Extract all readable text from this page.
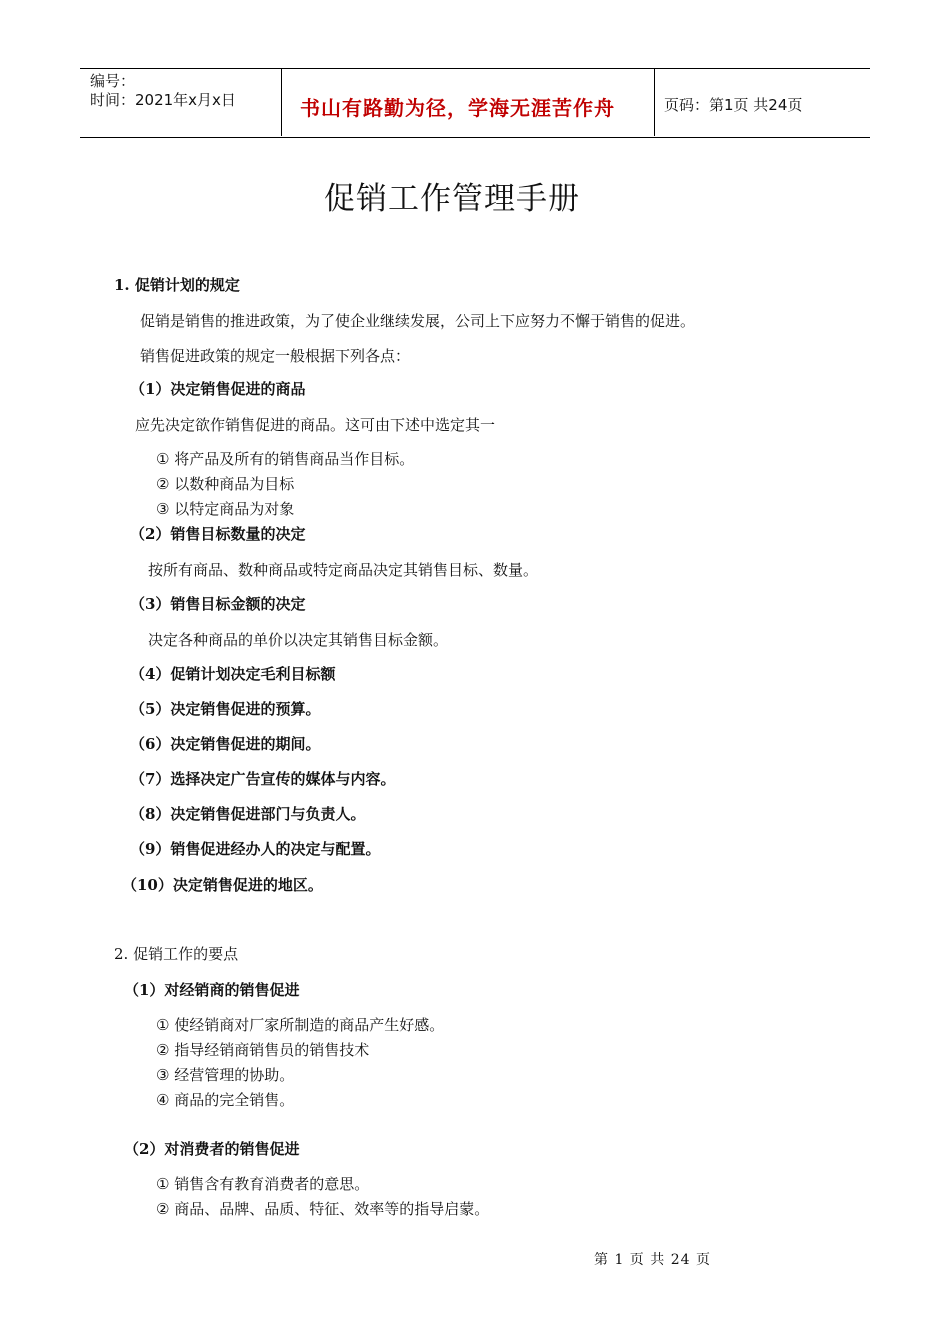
编号：
时间：2021年x月x日	书山有路勤为径，学海无涯苦作舟	页码：第1页 共24页
促销工作管理手册
1. 促销计划的规定
促销是销售的推进政策，为了使企业继续发展，公司上下应努力不懈于销售的促进。
销售促进政策的规定一般根据下列各点：
（1）决定销售促进的商品
应先决定欲作销售促进的商品。这可由下述中选定其一
① 将产品及所有的销售商品当作目标。
② 以数种商品为目标
③ 以特定商品为对象
（2）销售目标数量的决定
按所有商品、数种商品或特定商品决定其销售目标、数量。
（3）销售目标金额的决定
决定各种商品的单价以决定其销售目标金额。
（4）促销计划决定毛利目标额
（5）决定销售促进的预算。
（6）决定销售促进的期间。
（7）选择决定广告宣传的媒体与内容。
（8）决定销售促进部门与负责人。
（9）销售促进经办人的决定与配置。
（10）决定销售促进的地区。
2. 促销工作的要点
（1）对经销商的销售促进
① 使经销商对厂家所制造的商品产生好感。
② 指导经销商销售员的销售技术
③ 经营管理的协助。
④ 商品的完全销售。
（2）对消费者的销售促进
① 销售含有教育消费者的意思。
② 商品、品牌、品质、特征、效率等的指导启蒙。
第 1 页 共 24 页
